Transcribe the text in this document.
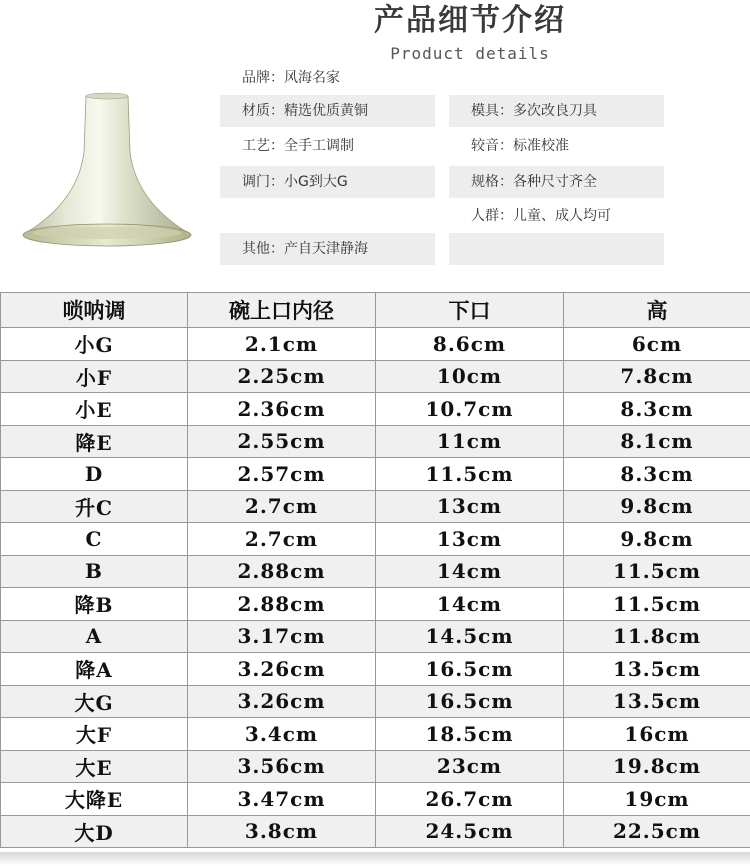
产品细节介绍
Product details
品牌：风海名家
材质：精选优质黄铜	模具：多次改良刀具
工艺：全手工调制	较音：标准校准
调门：小G到大G	规格：各种尺寸齐全
人群：儿童、成人均可
其他：产自天津静海
唢呐调	碗上口内径	下口	高
小G	2.1cm	8.6cm	6cm
小F	2.25cm	10cm	7.8cm
小E	2.36cm	10.7cm	8.3cm
降E	2.55cm	11cm	8.1cm
D	2.57cm	11.5cm	8.3cm
升C	2.7cm	13cm	9.8cm
C	2.7cm	13cm	9.8cm
B	2.88cm	14cm	11.5cm
降B	2.88cm	14cm	11.5cm
A	3.17cm	14.5cm	11.8cm
降A	3.26cm	16.5cm	13.5cm
大G	3.26cm	16.5cm	13.5cm
大F	3.4cm	18.5cm	16cm
大E	3.56cm	23cm	19.8cm
大降E	3.47cm	26.7cm	19cm
大D	3.8cm	24.5cm	22.5cm
